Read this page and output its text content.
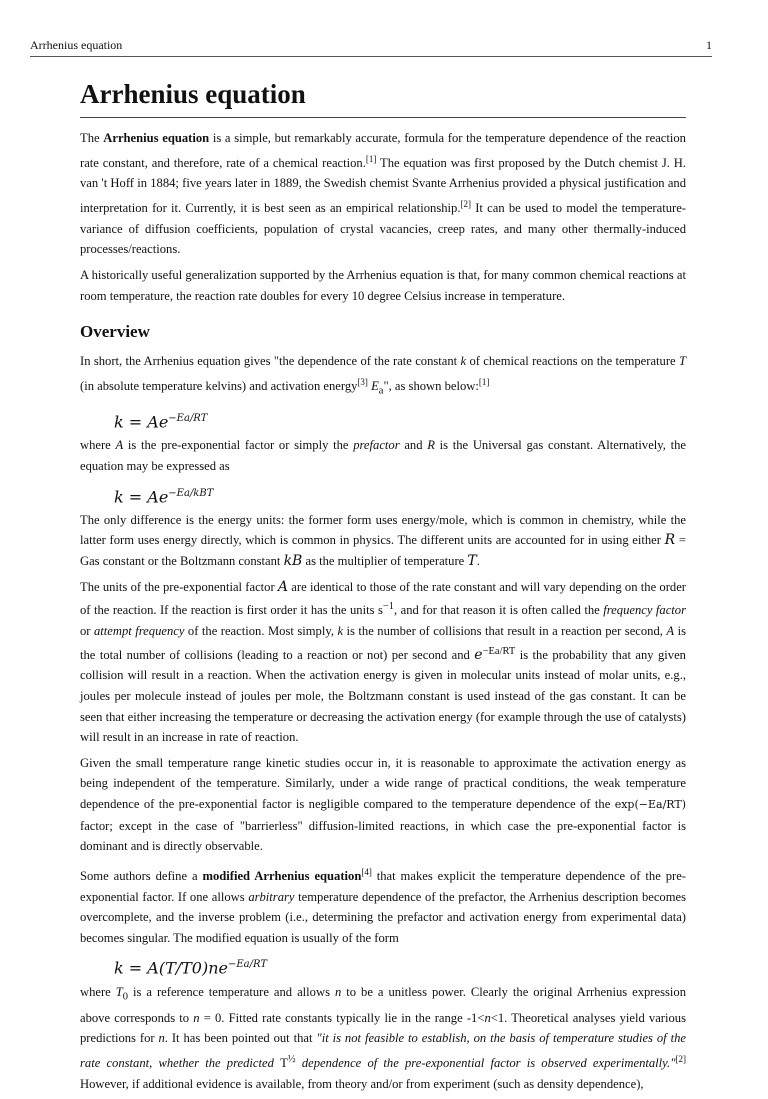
Arrhenius equation	1
Arrhenius equation

The Arrhenius equation is a simple, but remarkably accurate, formula for the temperature dependence of the reaction rate constant, and therefore, rate of a chemical reaction.[1] The equation was first proposed by the Dutch chemist J. H. van 't Hoff in 1884; five years later in 1889, the Swedish chemist Svante Arrhenius provided a physical justification and interpretation for it. Currently, it is best seen as an empirical relationship.[2] It can be used to model the temperature-variance of diffusion coefficients, population of crystal vacancies, creep rates, and many other thermally-induced processes/reactions.

A historically useful generalization supported by the Arrhenius equation is that, for many common chemical reactions at room temperature, the reaction rate doubles for every 10 degree Celsius increase in temperature.

Overview

In short, the Arrhenius equation gives "the dependence of the rate constant k of chemical reactions on the temperature T (in absolute temperature kelvins) and activation energy[3] $E_a$", as shown below:[1]

$k = Ae^{-Ea/RT}$

where A is the pre-exponential factor or simply the prefactor and R is the Universal gas constant. Alternatively, the equation may be expressed as

$k = Ae^{-Ea/kBT}$

The only difference is the energy units: the former form uses energy/mole, which is common in chemistry, while the latter form uses energy directly, which is common in physics. The different units are accounted for in using either R = Gas constant or the Boltzmann constant kB as the multiplier of temperature T.

The units of the pre-exponential factor A are identical to those of the rate constant and will vary depending on the order of the reaction. If the reaction is first order it has the units $s^{-1}$, and for that reason it is often called the frequency factor or attempt frequency of the reaction. Most simply, k is the number of collisions that result in a reaction per second, A is the total number of collisions (leading to a reaction or not) per second and $e^{-Ea/RT}$ is the probability that any given collision will result in a reaction. When the activation energy is given in molecular units instead of molar units, e.g., joules per molecule instead of joules per mole, the Boltzmann constant is used instead of the gas constant. It can be seen that either increasing the temperature or decreasing the activation energy (for example through the use of catalysts) will result in an increase in rate of reaction.

Given the small temperature range kinetic studies occur in, it is reasonable to approximate the activation energy as being independent of the temperature. Similarly, under a wide range of practical conditions, the weak temperature dependence of the pre-exponential factor is negligible compared to the temperature dependence of the exp(−Ea/RT) factor; except in the case of "barrierless" diffusion-limited reactions, in which case the pre-exponential factor is dominant and is directly observable.

Some authors define a modified Arrhenius equation[4] that makes explicit the temperature dependence of the pre-exponential factor. If one allows arbitrary temperature dependence of the prefactor, the Arrhenius description becomes overcomplete, and the inverse problem (i.e., determining the prefactor and activation energy from experimental data) becomes singular. The modified equation is usually of the form

$k = A(T/T0)ne^{-Ea/RT}$

where $T_0$ is a reference temperature and allows n to be a unitless power. Clearly the original Arrhenius expression above corresponds to n = 0. Fitted rate constants typically lie in the range -1<n<1. Theoretical analyses yield various predictions for n. It has been pointed out that "it is not feasible to establish, on the basis of temperature studies of the rate constant, whether the predicted $T^{\frac{1}{2}}$ dependence of the pre-exponential factor is observed experimentally."[2] However, if additional evidence is available, from theory and/or from experiment (such as density dependence),
